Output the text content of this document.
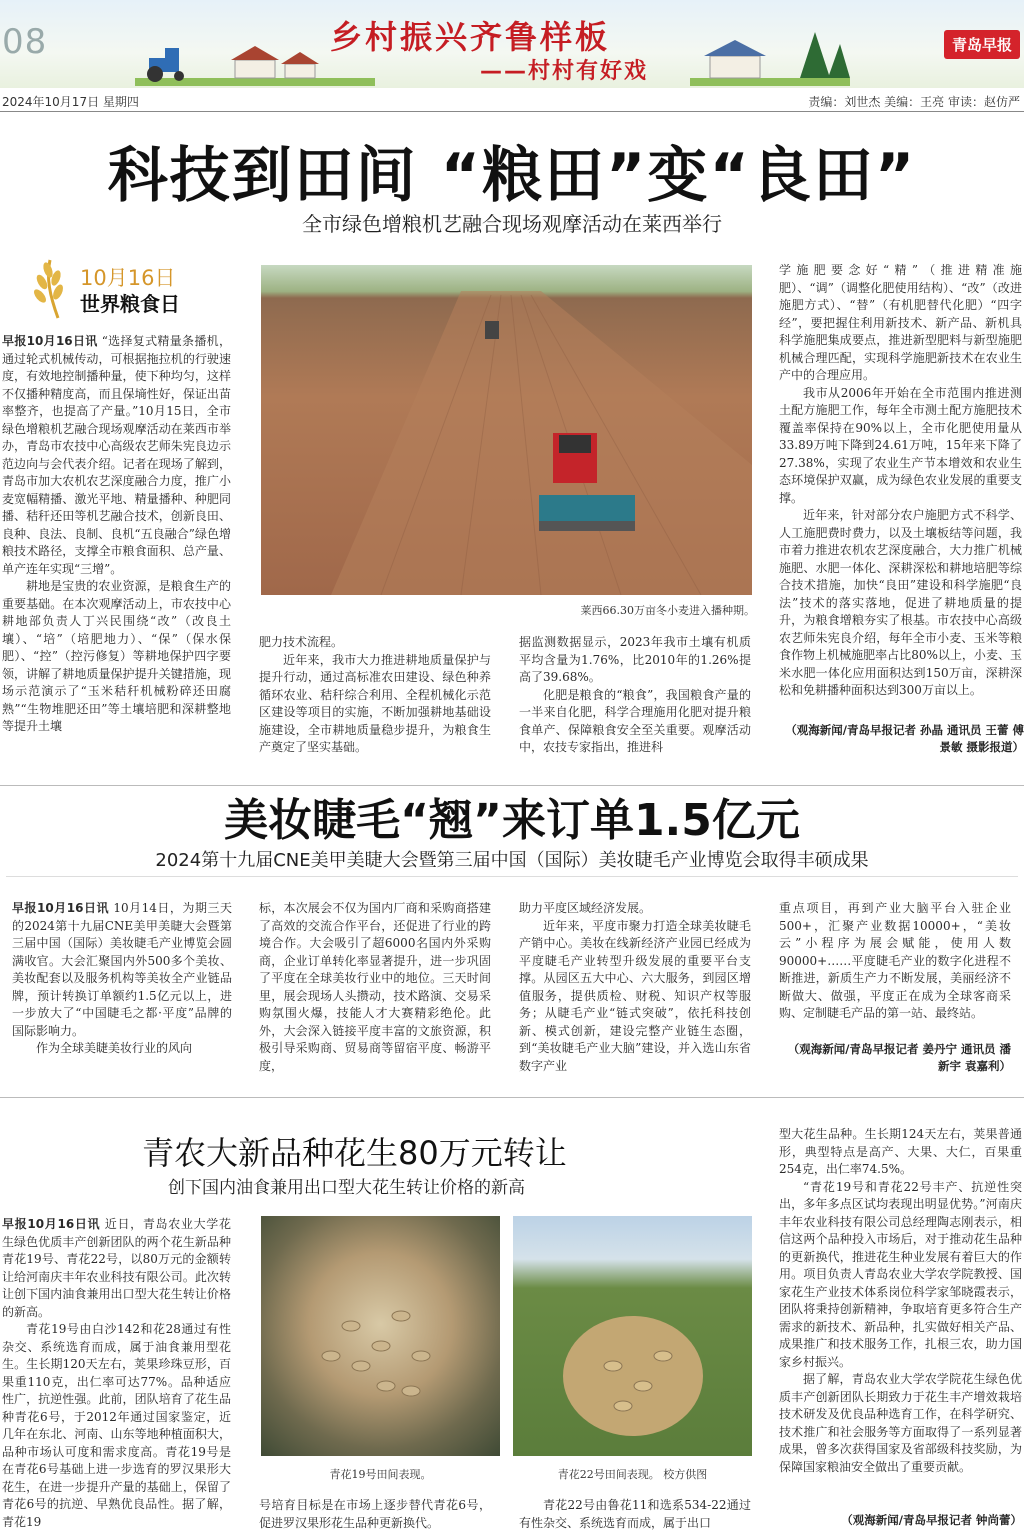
08	乡村振兴齐鲁样板
——村村有好戏
青岛早报
2024年10月17日 星期四	责编：刘世杰 美编：王亮 审读：赵仿严
科技到田间 “粮田”变“良田”
全市绿色增粮机艺融合现场观摩活动在莱西举行
10月16日
世界粮食日
莱西66.30万亩冬小麦进入播种期。

早报10月16日讯 “选择复式精量条播机，通过轮式机械传动，可根据拖拉机的行驶速度，有效地控制播种量，使下种均匀，这样不仅播种精度高，而且保墒性好，保证出苗率整齐，也提高了产量。”10月15日，全市绿色增粮机艺融合现场观摩活动在莱西市举办，青岛市农技中心高级农艺师朱宪良边示范边向与会代表介绍。记者在现场了解到，青岛市加大农机农艺深度融合力度，推广小麦宽幅精播、激光平地、精量播种、种肥同播、秸秆还田等机艺融合技术，创新良田、良种、良法、良制、良机“五良融合”绿色增粮技术路径，支撑全市粮食面积、总产量、单产连年实现“三增”。

耕地是宝贵的农业资源，是粮食生产的重要基础。在本次观摩活动上，市农技中心耕地部负责人丁兴民围绕“改”（改良土壤）、“培”（培肥地力）、“保”（保水保肥）、“控”（控污修复）等耕地保护四字要领，讲解了耕地质量保护提升关键措施，现场示范演示了“玉米秸秆机械粉碎还田腐熟”“生物堆肥还田”等土壤培肥和深耕整地等提升土壤

肥力技术流程。

近年来，我市大力推进耕地质量保护与提升行动，通过高标准农田建设、绿色种养循环农业、秸秆综合利用、全程机械化示范区建设等项目的实施，不断加强耕地基础设施建设，全市耕地质量稳步提升，为粮食生产奠定了坚实基础。

据监测数据显示，2023年我市土壤有机质平均含量为1.76%，比2010年的1.26%提高了39.68%。

化肥是粮食的“粮食”，我国粮食产量的一半来自化肥，科学合理施用化肥对提升粮食单产、保障粮食安全至关重要。观摩活动中，农技专家指出，推进科

学施肥要念好“精”（推进精准施肥）、“调”（调整化肥使用结构）、“改”（改进施肥方式）、“替”（有机肥替代化肥）“四字经”，要把握住利用新技术、新产品、新机具科学施肥集成要点，推进新型肥料与新型施肥机械合理匹配，实现科学施肥新技术在农业生产中的合理应用。

我市从2006年开始在全市范围内推进测土配方施肥工作，每年全市测土配方施肥技术覆盖率保持在90%以上，全市化肥使用量从33.89万吨下降到24.61万吨，15年来下降了27.38%，实现了农业生产节本增效和农业生态环境保护双赢，成为绿色农业发展的重要支撑。

近年来，针对部分农户施肥方式不科学、人工施肥费时费力，以及土壤板结等问题，我市着力推进农机农艺深度融合，大力推广机械施肥、水肥一体化、深耕深松和耕地培肥等综合技术措施，加快“良田”建设和科学施肥“良法”技术的落实落地，促进了耕地质量的提升，为粮食增粮夯实了根基。市农技中心高级农艺师朱宪良介绍，每年全市小麦、玉米等粮食作物上机械施肥率占比80%以上，小麦、玉米水肥一体化应用面积达到150万亩，深耕深松和免耕播种面积达到300万亩以上。

（观海新闻/青岛早报记者 孙晶 通讯员 王蕾 傅景敏 摄影报道）
美妆睫毛“翘”来订单1.5亿元
2024第十九届CNE美甲美睫大会暨第三届中国（国际）美妆睫毛产业博览会取得丰硕成果

早报10月16日讯 10月14日，为期三天的2024第十九届CNE美甲美睫大会暨第三届中国（国际）美妆睫毛产业博览会圆满收官。大会汇聚国内外500多个美妆、美妆配套以及服务机构等美妆全产业链品牌，预计转换订单额约1.5亿元以上，进一步放大了“中国睫毛之都·平度”品牌的国际影响力。

作为全球美睫美妆行业的风向

标，本次展会不仅为国内厂商和采购商搭建了高效的交流合作平台，还促进了行业的跨境合作。大会吸引了超6000名国内外采购商，企业订单转化率显著提升，进一步巩固了平度在全球美妆行业中的地位。三天时间里，展会现场人头攒动，技术路演、交易采购氛围火爆，技能人才大赛精彩绝伦。此外，大会深入链接平度丰富的文旅资源，积极引导采购商、贸易商等留宿平度、畅游平度，

助力平度区域经济发展。

近年来，平度市聚力打造全球美妆睫毛产销中心。美妆在线新经济产业园已经成为平度睫毛产业转型升级发展的重要平台支撑。从园区五大中心、六大服务，到园区增值服务，提供质检、财税、知识产权等服务；从睫毛产业“链式突破”，依托科技创新、模式创新，建设完整产业链生态圈，到“美妆睫毛产业大脑”建设，并入选山东省数字产业

重点项目，再到产业大脑平台入驻企业500+，汇聚产业数据10000+，“美妆云”小程序为展会赋能，使用人数90000+……平度睫毛产业的数字化进程不断推进，新质生产力不断发展，美丽经济不断做大、做强，平度正在成为全球客商采购、定制睫毛产品的第一站、最终站。

（观海新闻/青岛早报记者 姜丹宁 通讯员 潘新宇 袁嘉利）
青农大新品种花生80万元转让
创下国内油食兼用出口型大花生转让价格的新高
青花19号田间表现。	青花22号田间表现。 校方供图

早报10月16日讯 近日，青岛农业大学花生绿色优质丰产创新团队的两个花生新品种青花19号、青花22号，以80万元的金额转让给河南庆丰年农业科技有限公司。此次转让创下国内油食兼用出口型大花生转让价格的新高。

青花19号由白沙142和花28通过有性杂交、系统选育而成，属于油食兼用型花生。生长期120天左右，荚果珍珠豆形，百果重110克，出仁率可达77%。品种适应性广，抗逆性强。此前，团队培育了花生品种青花6号，于2012年通过国家鉴定，近几年在东北、河南、山东等地种植面积大，品种市场认可度和需求度高。青花19号是在青花6号基础上进一步选育的罗汉果形大花生，在进一步提升产量的基础上，保留了青花6号的抗逆、早熟优良品性。据了解，青花19

号培育目标是在市场上逐步替代青花6号，促进罗汉果形花生品种更新换代。

青花22号由鲁花11和选系534-22通过有性杂交、系统选育而成，属于出口

型大花生品种。生长期124天左右，荚果普通形，典型特点是高产、大果、大仁，百果重254克，出仁率74.5%。

“青花19号和青花22号丰产、抗逆性突出，多年多点区试均表现出明显优势。”河南庆丰年农业科技有限公司总经理陶志刚表示，相信这两个品种投入市场后，对于推动花生品种的更新换代，推进花生种业发展有着巨大的作用。项目负责人青岛农业大学农学院教授、国家花生产业技术体系岗位科学家邹晓霞表示，团队将秉持创新精神，争取培育更多符合生产需求的新技术、新品种，扎实做好相关产品、成果推广和技术服务工作，扎根三农，助力国家乡村振兴。

据了解，青岛农业大学农学院花生绿色优质丰产创新团队长期致力于花生丰产增效栽培技术研发及优良品种选育工作，在科学研究、技术推广和社会服务等方面取得了一系列显著成果，曾多次获得国家及省部级科技奖励，为保障国家粮油安全做出了重要贡献。

（观海新闻/青岛早报记者 钟尚蕾）
